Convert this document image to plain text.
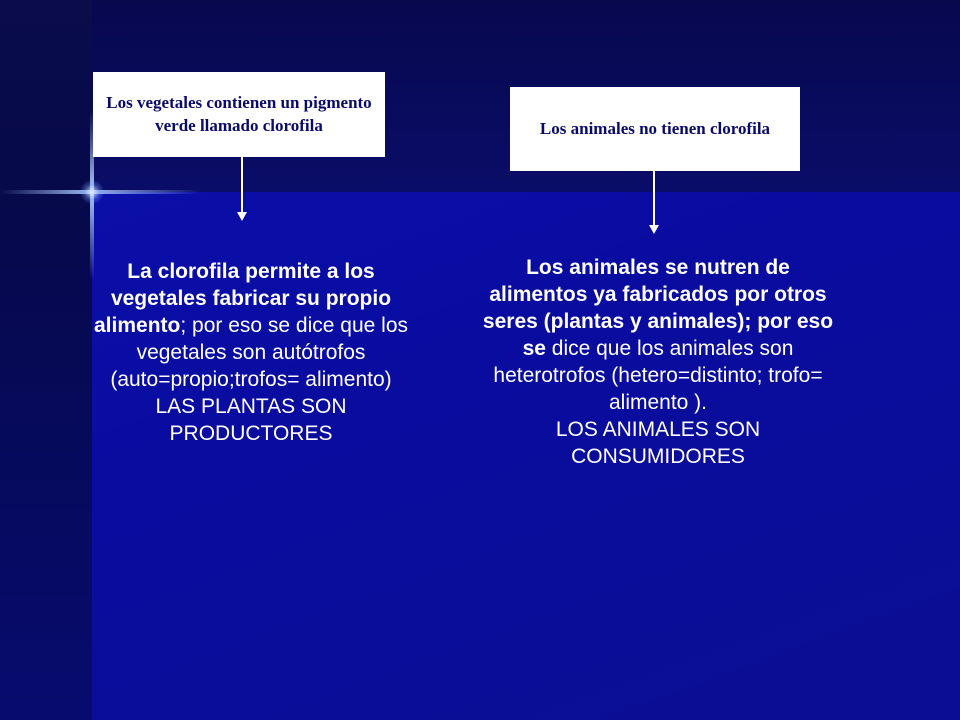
Los vegetales contienen un pigmento verde llamado clorofila
La clorofila permite a los vegetales fabricar su propio alimento; por eso se dice que los vegetales son autótrofos (auto=propio;trofos= alimento)
LAS PLANTAS SON
PRODUCTORES
Los animales no tienen clorofila
Los animales se nutren de alimentos ya fabricados por otros seres (plantas y animales); por eso se dice que los animales son heterotrofos (hetero=distinto; trofo= alimento ).
LOS ANIMALES SON
CONSUMIDORES
